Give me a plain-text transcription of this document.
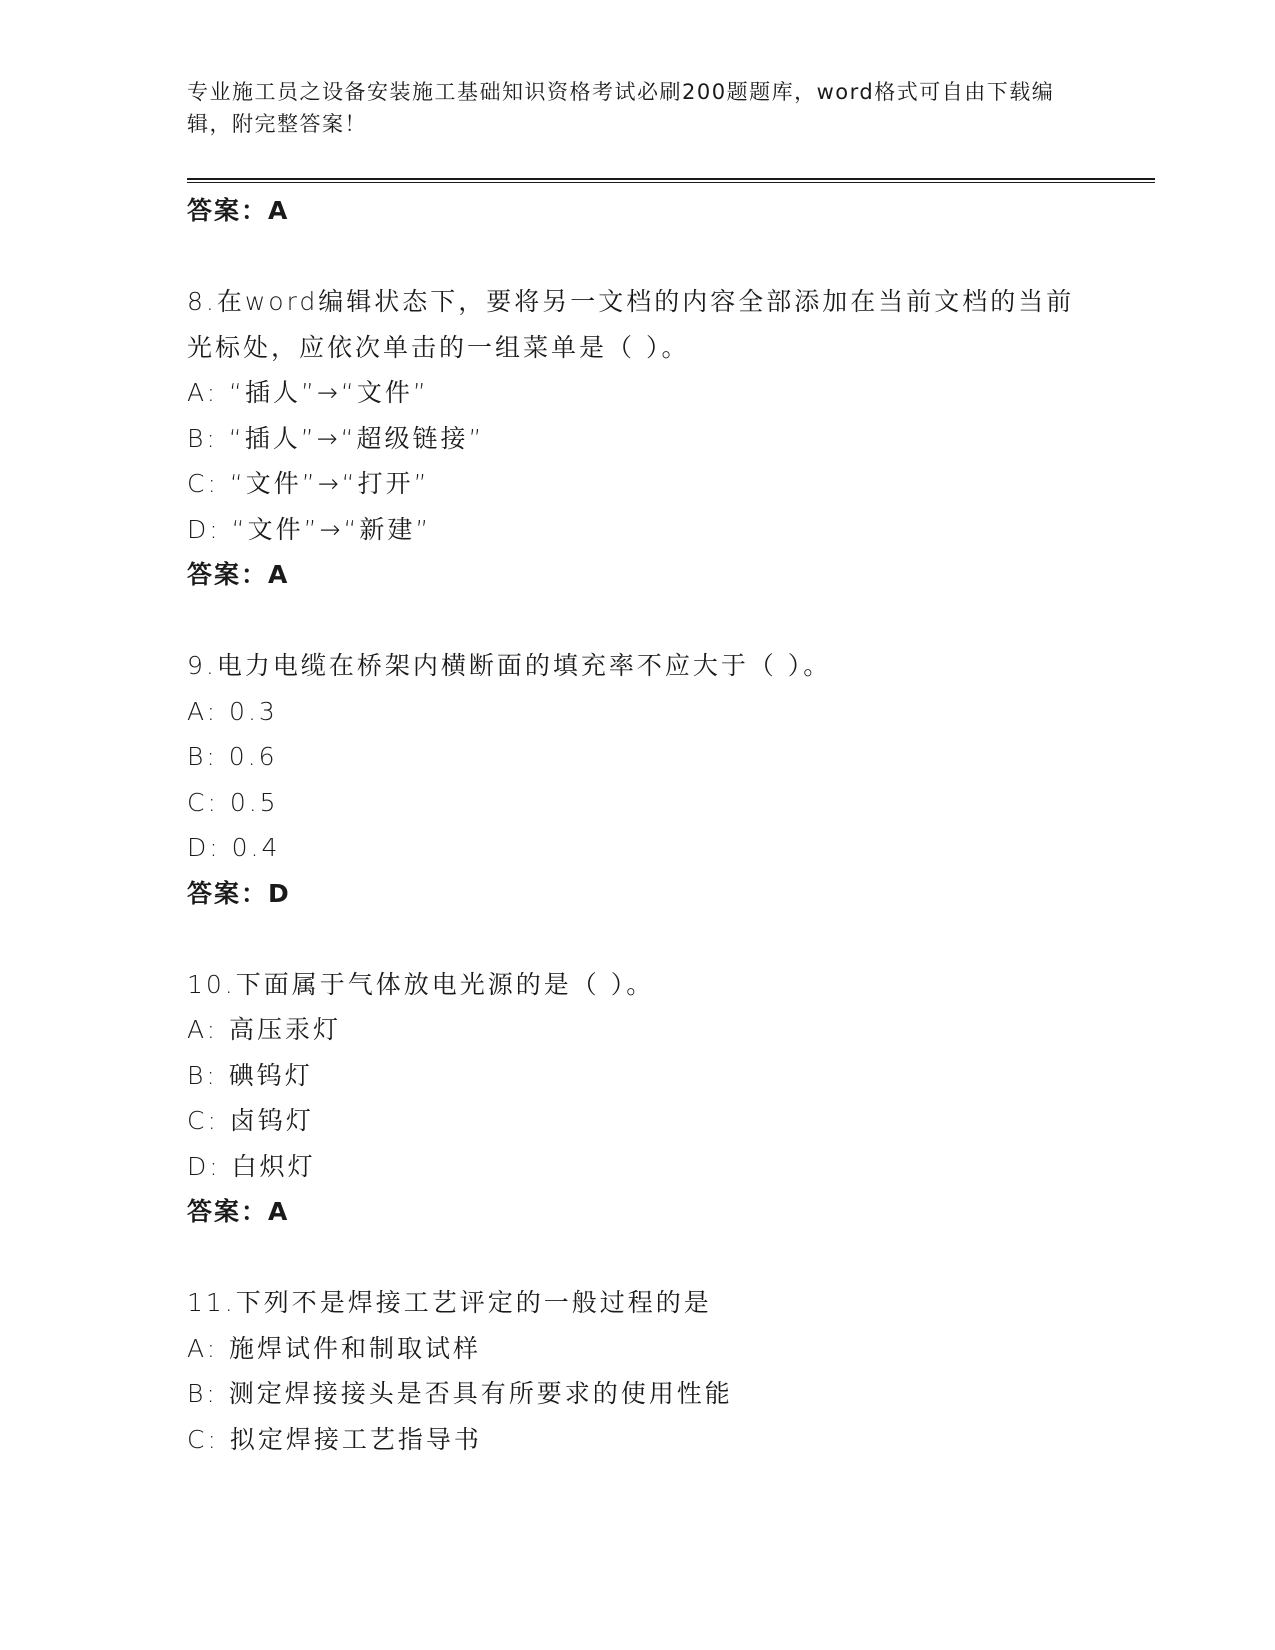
专业施工员之设备安装施工基础知识资格考试必刷200题题库，word格式可自由下载编辑，附完整答案！
答案：A
8.在word编辑状态下，要将另一文档的内容全部添加在当前文档的当前光标处，应依次单击的一组菜单是（ ）。
A: “插人”→“文件”
B: “插人”→“超级链接”
C: “文件”→“打开”
D: “文件”→“新建”
答案：A
9.电力电缆在桥架内横断面的填充率不应大于（ ）。
A: 0.3
B: 0.6
C: 0.5
D: 0.4
答案：D
10.下面属于气体放电光源的是（ ）。
A: 高压汞灯
B: 碘钨灯
C: 卤钨灯
D: 白炽灯
答案：A
11.下列不是焊接工艺评定的一般过程的是
A: 施焊试件和制取试样
B: 测定焊接接头是否具有所要求的使用性能
C: 拟定焊接工艺指导书
